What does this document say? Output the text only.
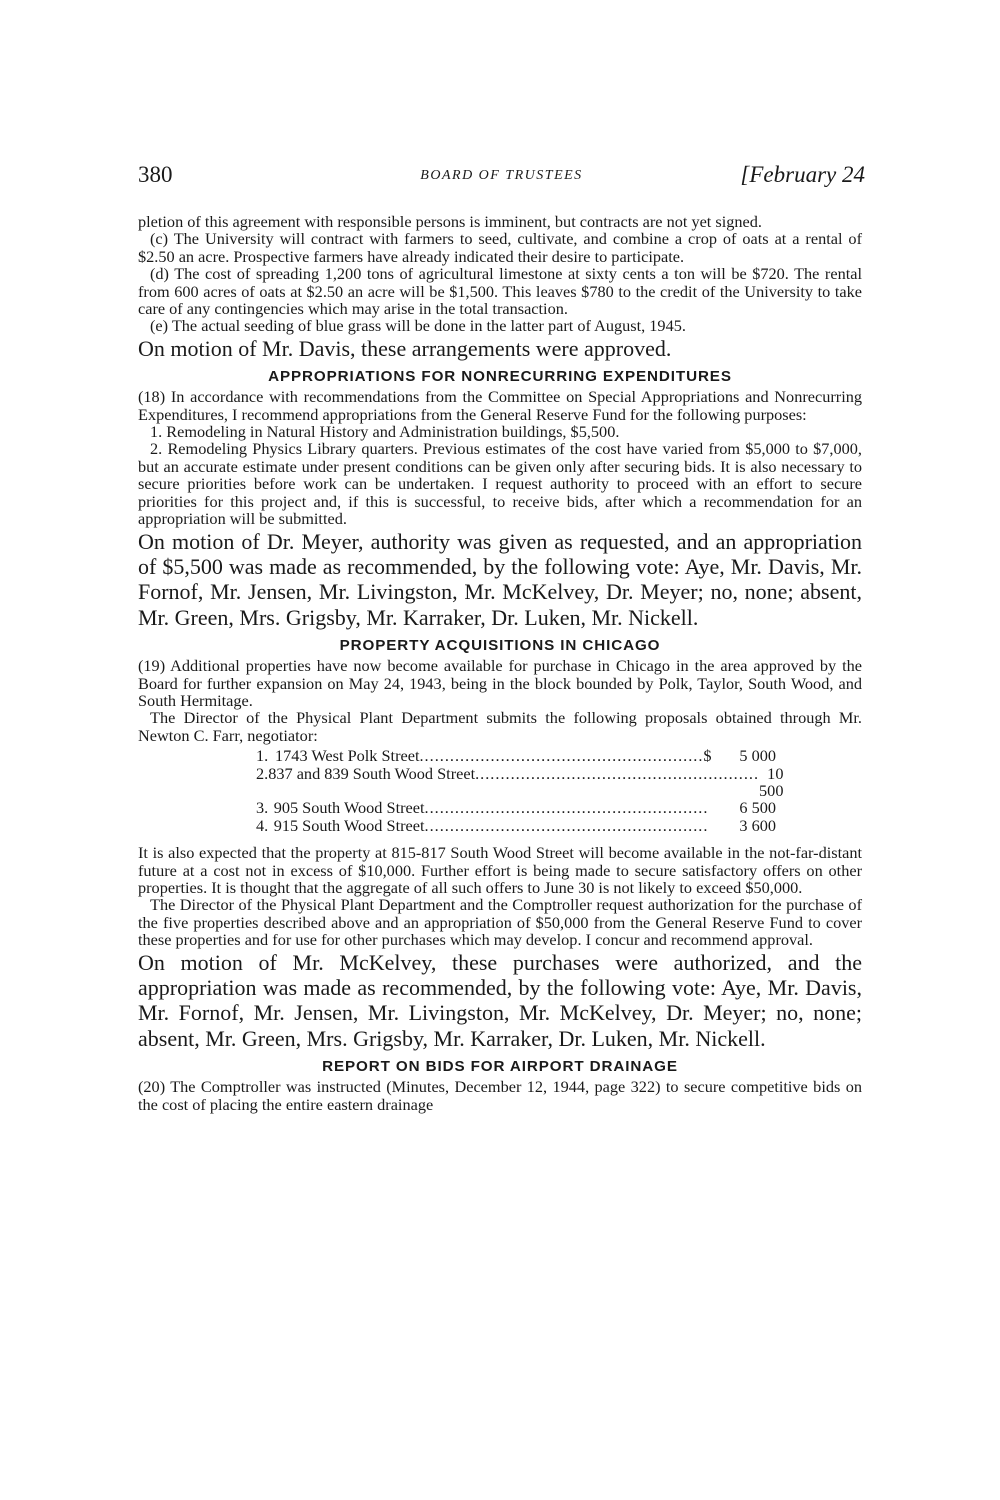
380	BOARD OF TRUSTEES	[February 24

pletion of this agreement with responsible persons is imminent, but contracts are not yet signed.

(c) The University will contract with farmers to seed, cultivate, and combine a crop of oats at a rental of $2.50 an acre. Prospective farmers have already indicated their desire to participate.

(d) The cost of spreading 1,200 tons of agricultural limestone at sixty cents a ton will be $720. The rental from 600 acres of oats at $2.50 an acre will be $1,500. This leaves $780 to the credit of the University to take care of any contingencies which may arise in the total transaction.

(e) The actual seeding of blue grass will be done in the latter part of August, 1945.

On motion of Mr. Davis, these arrangements were approved.

APPROPRIATIONS FOR NONRECURRING EXPENDITURES

(18) In accordance with recommendations from the Committee on Special Appropriations and Nonrecurring Expenditures, I recommend appropriations from the General Reserve Fund for the following purposes:

1. Remodeling in Natural History and Administration buildings, $5,500.

2. Remodeling Physics Library quarters. Previous estimates of the cost have varied from $5,000 to $7,000, but an accurate estimate under present conditions can be given only after securing bids. It is also necessary to secure priorities before work can be undertaken. I request authority to proceed with an effort to secure priorities for this project and, if this is successful, to receive bids, after which a recommendation for an appropriation will be submitted.

On motion of Dr. Meyer, authority was given as requested, and an appropriation of $5,500 was made as recommended, by the following vote: Aye, Mr. Davis, Mr. Fornof, Mr. Jensen, Mr. Livingston, Mr. McKelvey, Dr. Meyer; no, none; absent, Mr. Green, Mrs. Grigsby, Mr. Karraker, Dr. Luken, Mr. Nickell.

PROPERTY ACQUISITIONS IN CHICAGO

(19) Additional properties have now become available for purchase in Chicago in the area approved by the Board for further expansion on May 24, 1943, being in the block bounded by Polk, Taylor, South Wood, and South Hermitage.

The Director of the Physical Plant Department submits the following proposals obtained through Mr. Newton C. Farr, negotiator:

1. 1743 West Polk Street ........................................................ $	5 000
2. 837 and 839 South Wood Street ........................................................ 10 500
3. 905 South Wood Street ........................................................	6 500
4. 915 South Wood Street ........................................................	3 600

It is also expected that the property at 815-817 South Wood Street will become available in the not-far-distant future at a cost not in excess of $10,000. Further effort is being made to secure satisfactory offers on other properties. It is thought that the aggregate of all such offers to June 30 is not likely to exceed $50,000.

The Director of the Physical Plant Department and the Comptroller request authorization for the purchase of the five properties described above and an appropriation of $50,000 from the General Reserve Fund to cover these properties and for use for other purchases which may develop. I concur and recommend approval.

On motion of Mr. McKelvey, these purchases were authorized, and the appropriation was made as recommended, by the following vote: Aye, Mr. Davis, Mr. Fornof, Mr. Jensen, Mr. Livingston, Mr. McKelvey, Dr. Meyer; no, none; absent, Mr. Green, Mrs. Grigsby, Mr. Karraker, Dr. Luken, Mr. Nickell.

REPORT ON BIDS FOR AIRPORT DRAINAGE

(20) The Comptroller was instructed (Minutes, December 12, 1944, page 322) to secure competitive bids on the cost of placing the entire eastern drainage
